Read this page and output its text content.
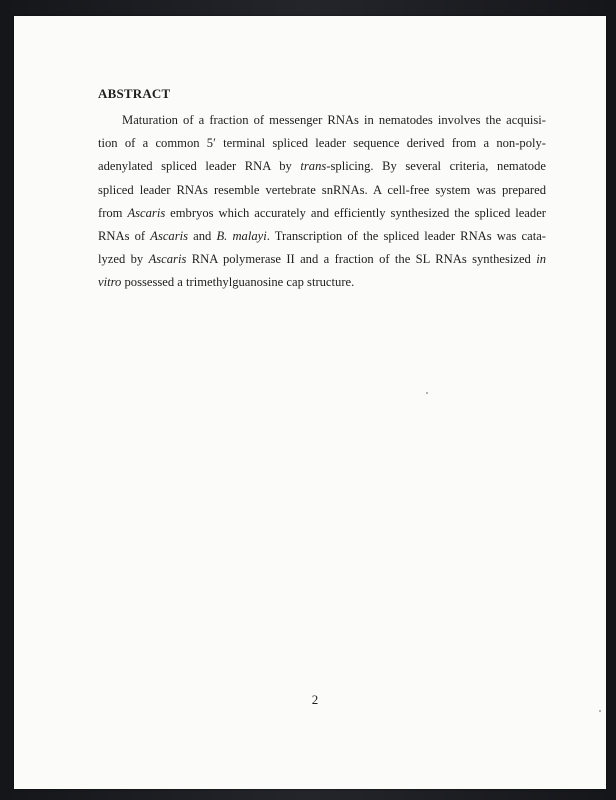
ABSTRACT

Maturation of a fraction of messenger RNAs in nematodes involves the acquisi-
tion of a common 5′ terminal spliced leader sequence derived from a non-poly-
adenylated spliced leader RNA by trans-splicing. By several criteria, nematode
spliced leader RNAs resemble vertebrate snRNAs. A cell-free system was prepared
from Ascaris embryos which accurately and efficiently synthesized the spliced leader
RNAs of Ascaris and B. malayi. Transcription of the spliced leader RNAs was cata-
lyzed by Ascaris RNA polymerase II and a fraction of the SL RNAs synthesized in
vitro possessed a trimethylguanosine cap structure.

2
